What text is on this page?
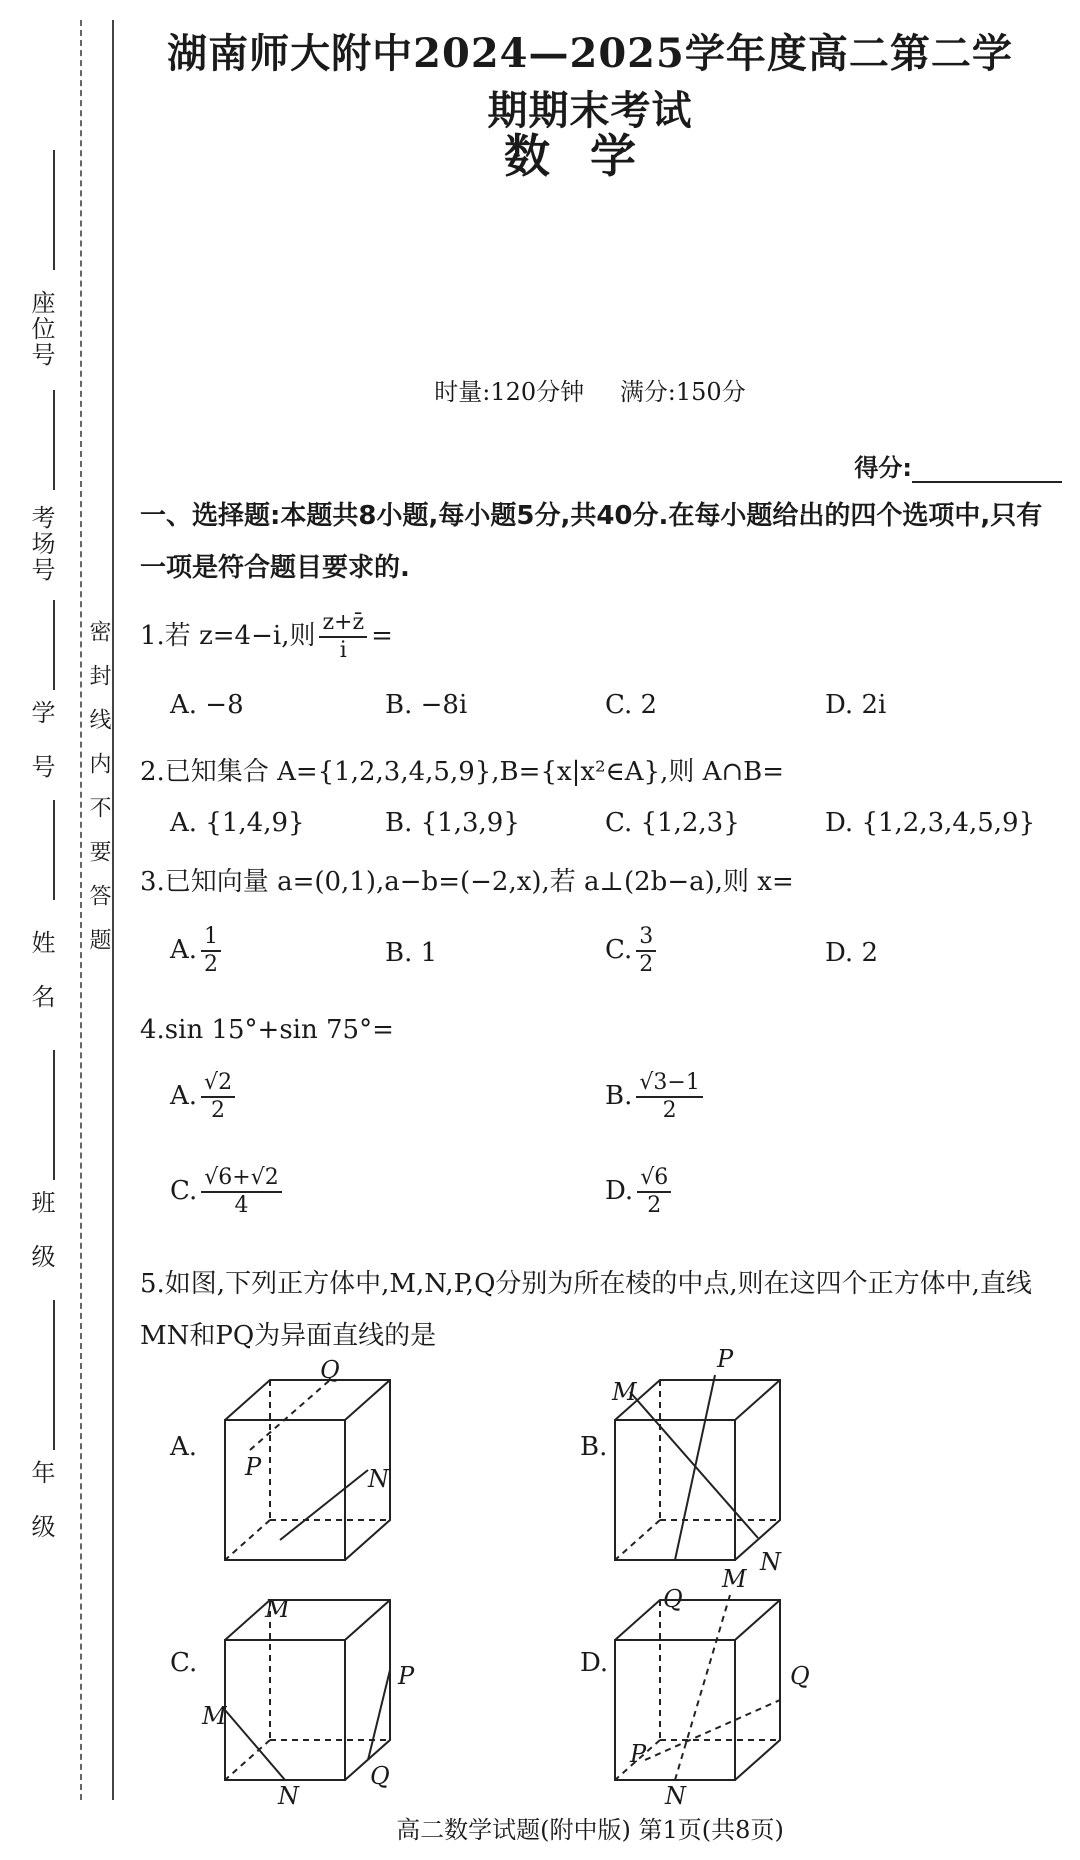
座位号
考场号
学号
姓名
班级
年级
密封线内不要答题
湖南师大附中2024—2025学年度高二第二学期期末考试
数学
时量:120分钟 满分:150分
得分:
一、选择题:本题共8小题,每小题5分,共40分.在每小题给出的四个选项中,只有一项是符合题目要求的.
1.若 z=4−i,则 $\frac{z+z̄}{i}$ =
A. −8	B. −8i	C. 2	D. 2i
2.已知集合 A={1,2,3,4,5,9},B={x|x²∈A},则 A∩B=
A. {1,4,9}	B. {1,3,9}	C. {1,2,3}	D. {1,2,3,4,5,9}
3.已知向量 a=(0,1),a−b=(−2,x),若 a⊥(2b−a),则 x=
A. $\frac{1}{2}$	B. 1	C. $\frac{3}{2}$	D. 2
4.sin 15°+sin 75°=
A. $\frac{√2}{2}$	B. $\frac{√3-1}{2}$
C. $\frac{√6+√2}{4}$	D. $\frac{√6}{2}$
5.如图,下列正方体中,M,N,P,Q分别为所在棱的中点,则在这四个正方体中,直线MN和PQ为异面直线的是
A.
M
N
P
Q
B.
M
N
P
Q
C.
M
N
P
Q
D.
M
N
P
Q
高二数学试题(附中版) 第1页(共8页)
